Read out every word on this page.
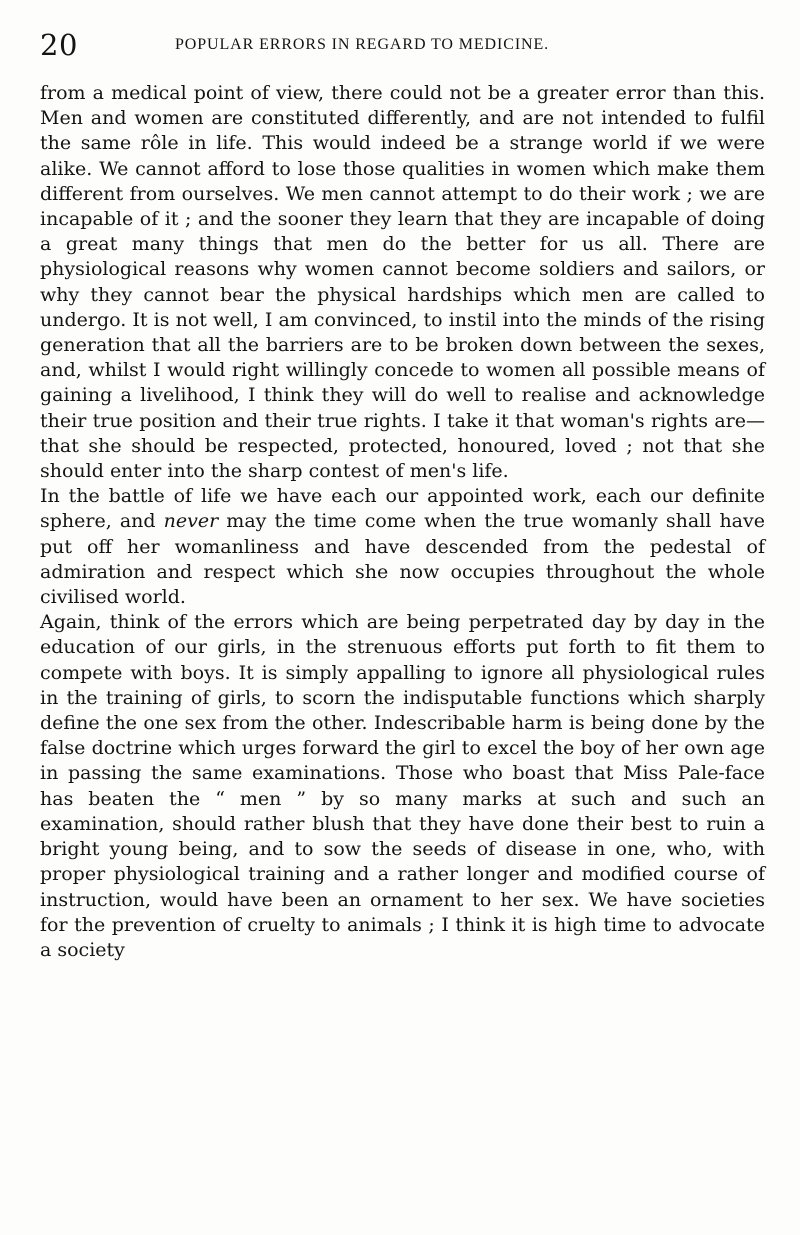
20	POPULAR ERRORS IN REGARD TO MEDICINE.

from a medical point of view, there could not be a greater error than this. Men and women are constituted differently, and are not intended to fulfil the same rôle in life. This would indeed be a strange world if we were alike. We cannot afford to lose those qualities in women which make them different from ourselves. We men cannot attempt to do their work ; we are incapable of it ; and the sooner they learn that they are incapable of doing a great many things that men do the better for us all. There are physiological reasons why women cannot become soldiers and sailors, or why they cannot bear the physical hardships which men are called to undergo. It is not well, I am convinced, to instil into the minds of the rising generation that all the barriers are to be broken down between the sexes, and, whilst I would right willingly concede to women all possible means of gaining a livelihood, I think they will do well to realise and acknowledge their true position and their true rights. I take it that woman's rights are—that she should be respected, protected, honoured, loved ; not that she should enter into the sharp contest of men's life.

In the battle of life we have each our appointed work, each our definite sphere, and never may the time come when the true womanly shall have put off her womanliness and have descended from the pedestal of admiration and respect which she now occupies throughout the whole civilised world.

Again, think of the errors which are being perpetrated day by day in the education of our girls, in the strenuous efforts put forth to fit them to compete with boys. It is simply appalling to ignore all physiological rules in the training of girls, to scorn the indisputable functions which sharply define the one sex from the other. Indescribable harm is being done by the false doctrine which urges forward the girl to excel the boy of her own age in passing the same examinations. Those who boast that Miss Pale-face has beaten the “ men ” by so many marks at such and such an examination, should rather blush that they have done their best to ruin a bright young being, and to sow the seeds of disease in one, who, with proper physiological training and a rather longer and modified course of instruction, would have been an ornament to her sex. We have societies for the prevention of cruelty to animals ; I think it is high time to advocate a society
